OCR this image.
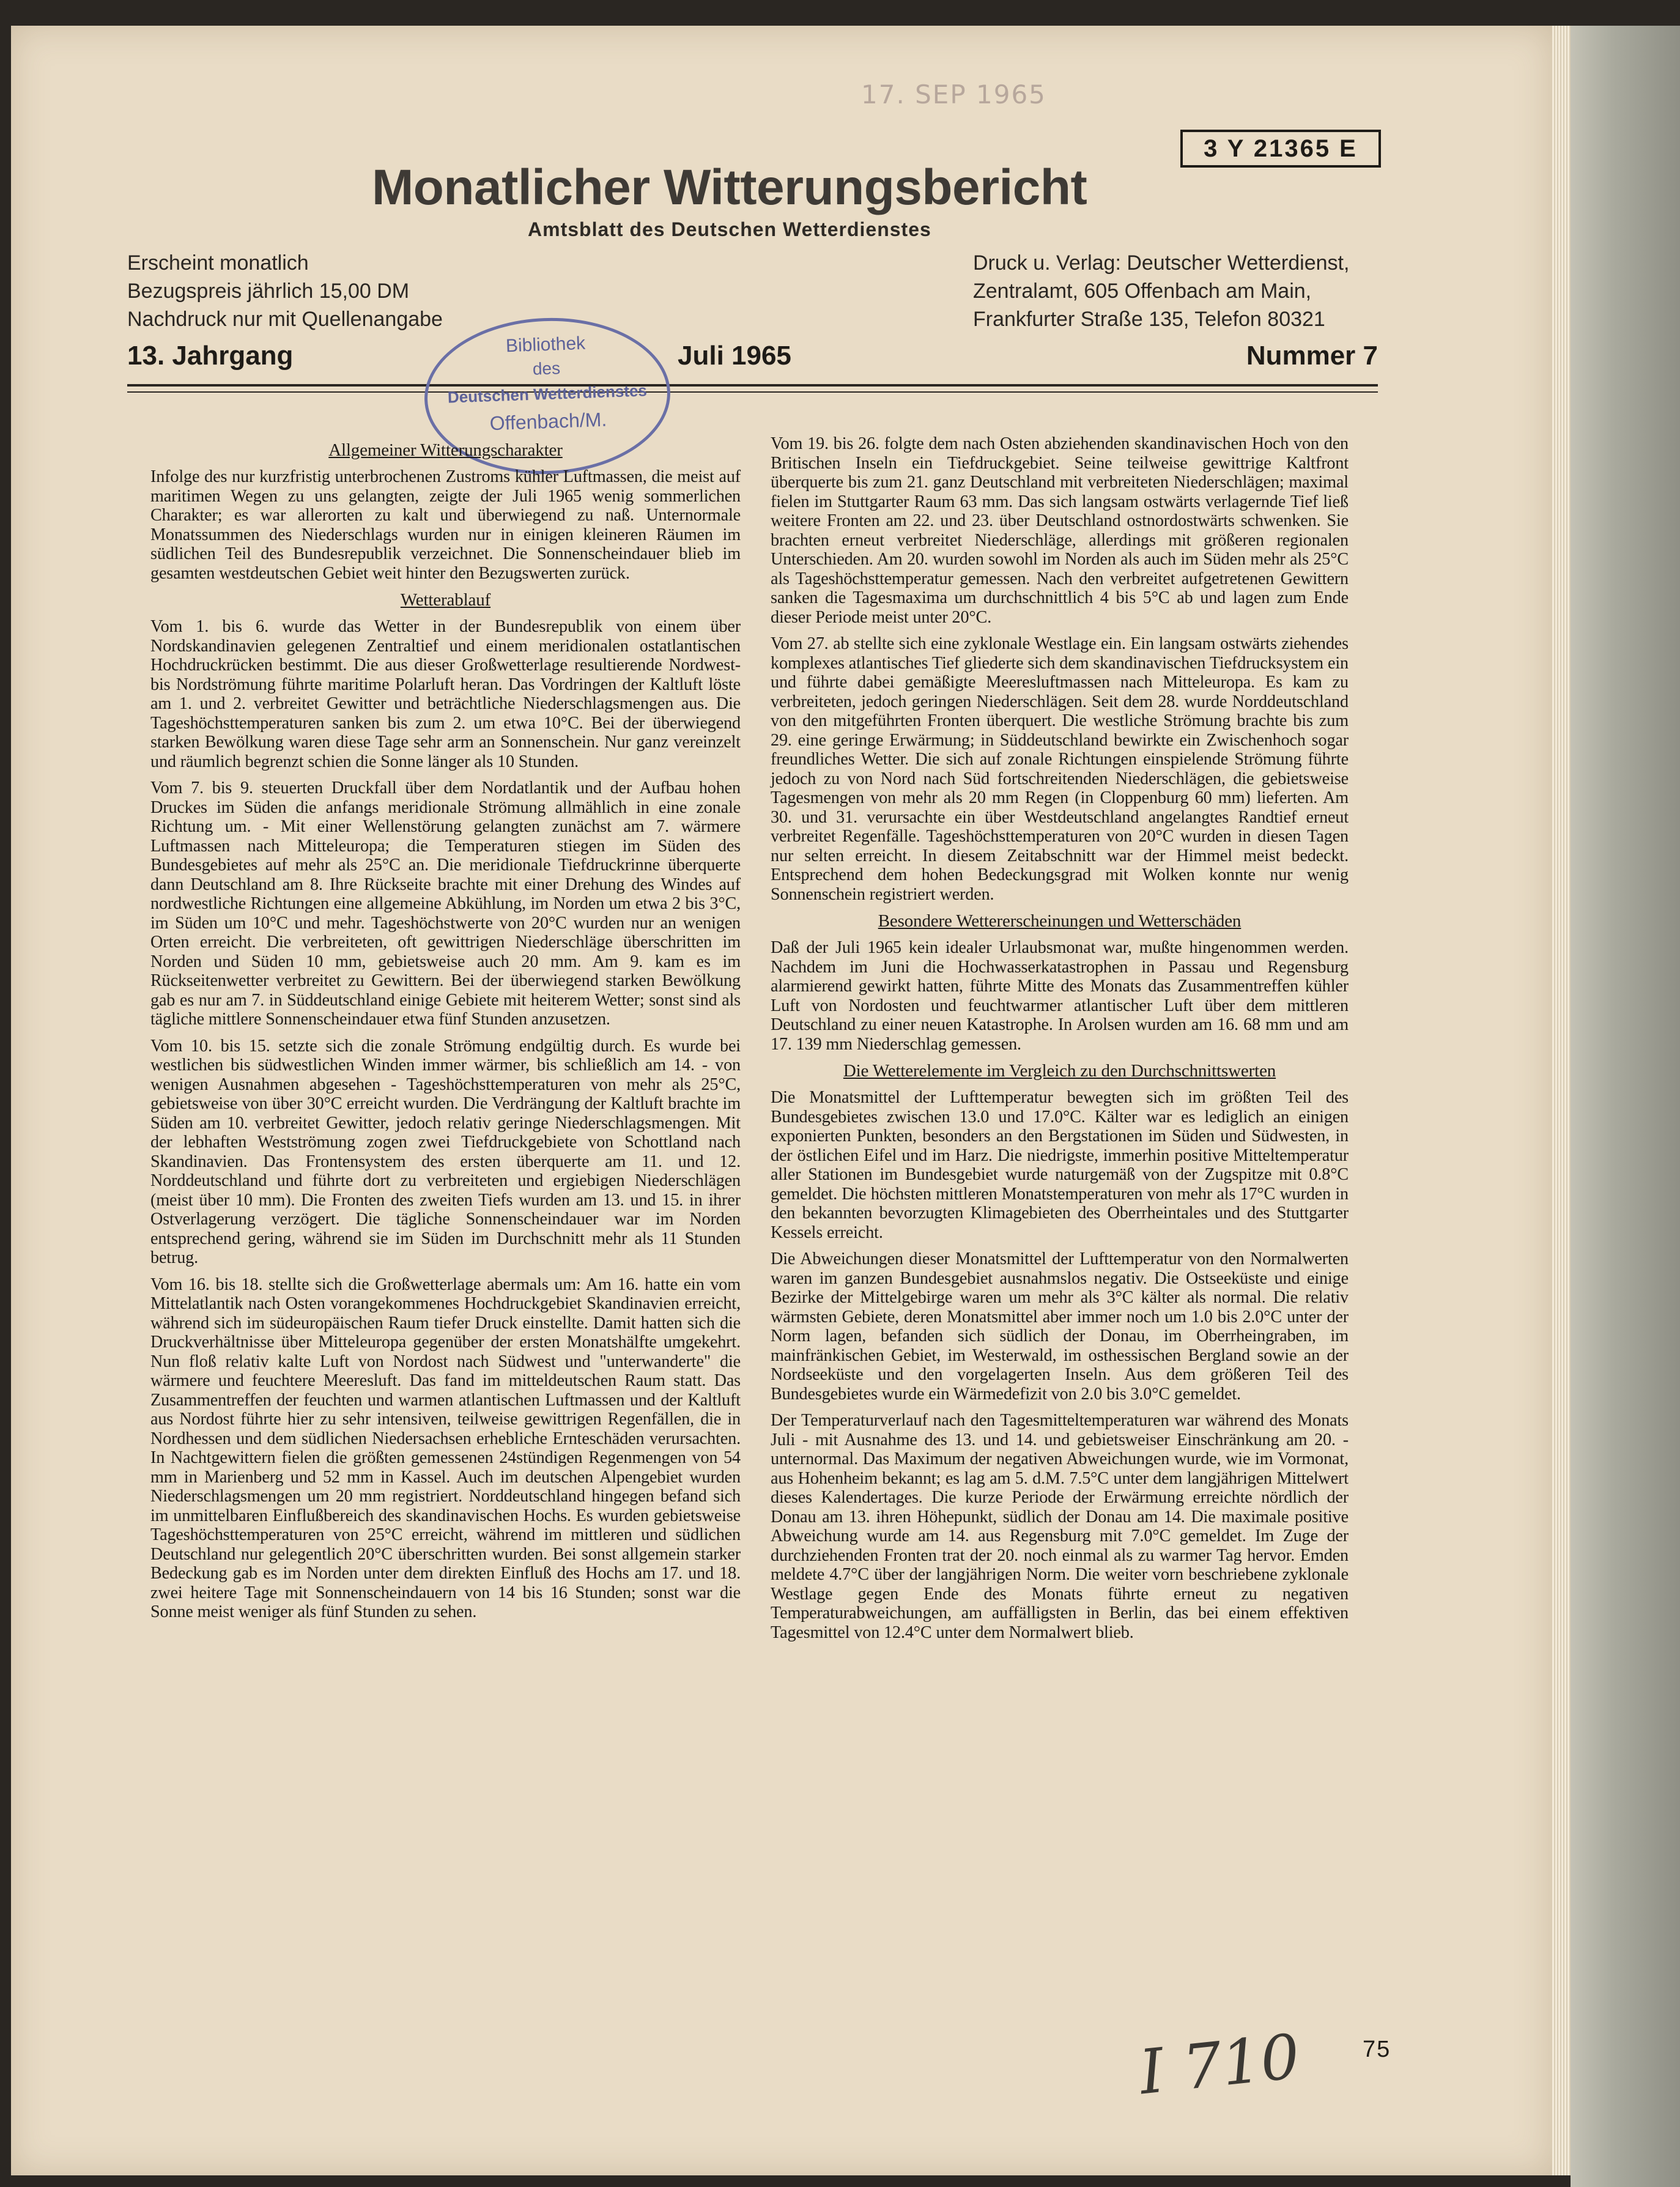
17. SEP 1965
3 Y 21365 E
Monatlicher Witterungsbericht
Amtsblatt des Deutschen Wetterdienstes
Erscheint monatlich
Bezugspreis jährlich 15,00 DM
Nachdruck nur mit Quellenangabe
Druck u. Verlag: Deutscher Wetterdienst,
Zentralamt, 605 Offenbach am Main,
Frankfurter Straße 135, Telefon 80321
13. Jahrgang	Juli 1965	Nummer 7
Bibliothek
des
Deutschen Wetterdienstes
Offenbach/M.
Allgemeiner Witterungscharakter

Infolge des nur kurzfristig unterbrochenen Zustroms kühler Luftmassen, die meist auf maritimen Wegen zu uns gelangten, zeigte der Juli 1965 wenig sommerlichen Charakter; es war allerorten zu kalt und überwiegend zu naß. Unternormale Monatssummen des Niederschlags wurden nur in einigen kleineren Räumen im südlichen Teil des Bundesrepublik verzeichnet. Die Sonnenscheindauer blieb im gesamten westdeutschen Gebiet weit hinter den Bezugswerten zurück.

Wetterablauf

Vom 1. bis 6. wurde das Wetter in der Bundesrepublik von einem über Nordskandinavien gelegenen Zentraltief und einem meridionalen ostatlantischen Hochdruckrücken bestimmt. Die aus dieser Großwetterlage resultierende Nordwest- bis Nordströmung führte maritime Polarluft heran. Das Vordringen der Kaltluft löste am 1. und 2. verbreitet Gewitter und beträchtliche Niederschlagsmengen aus. Die Tageshöchsttemperaturen sanken bis zum 2. um etwa 10°C. Bei der überwiegend starken Bewölkung waren diese Tage sehr arm an Sonnenschein. Nur ganz vereinzelt und räumlich begrenzt schien die Sonne länger als 10 Stunden.

Vom 7. bis 9. steuerten Druckfall über dem Nordatlantik und der Aufbau hohen Druckes im Süden die anfangs meridionale Strömung allmählich in eine zonale Richtung um. - Mit einer Wellenstörung gelangten zunächst am 7. wärmere Luftmassen nach Mitteleuropa; die Temperaturen stiegen im Süden des Bundesgebietes auf mehr als 25°C an. Die meridionale Tiefdruckrinne überquerte dann Deutschland am 8. Ihre Rückseite brachte mit einer Drehung des Windes auf nordwestliche Richtungen eine allgemeine Abkühlung, im Norden um etwa 2 bis 3°C, im Süden um 10°C und mehr. Tageshöchstwerte von 20°C wurden nur an wenigen Orten erreicht. Die verbreiteten, oft gewittrigen Niederschläge überschritten im Norden und Süden 10 mm, gebietsweise auch 20 mm. Am 9. kam es im Rückseitenwetter verbreitet zu Gewittern. Bei der überwiegend starken Bewölkung gab es nur am 7. in Süddeutschland einige Gebiete mit heiterem Wetter; sonst sind als tägliche mittlere Sonnenscheindauer etwa fünf Stunden anzusetzen.

Vom 10. bis 15. setzte sich die zonale Strömung endgültig durch. Es wurde bei westlichen bis südwestlichen Winden immer wärmer, bis schließlich am 14. - von wenigen Ausnahmen abgesehen - Tageshöchsttemperaturen von mehr als 25°C, gebietsweise von über 30°C erreicht wurden. Die Verdrängung der Kaltluft brachte im Süden am 10. verbreitet Gewitter, jedoch relativ geringe Niederschlagsmengen. Mit der lebhaften Westströmung zogen zwei Tiefdruckgebiete von Schottland nach Skandinavien. Das Frontensystem des ersten überquerte am 11. und 12. Norddeutschland und führte dort zu verbreiteten und ergiebigen Niederschlägen (meist über 10 mm). Die Fronten des zweiten Tiefs wurden am 13. und 15. in ihrer Ostverlagerung verzögert. Die tägliche Sonnenscheindauer war im Norden entsprechend gering, während sie im Süden im Durchschnitt mehr als 11 Stunden betrug.

Vom 16. bis 18. stellte sich die Großwetterlage abermals um: Am 16. hatte ein vom Mittelatlantik nach Osten vorangekommenes Hochdruckgebiet Skandinavien erreicht, während sich im südeuropäischen Raum tiefer Druck einstellte. Damit hatten sich die Druckverhältnisse über Mitteleuropa gegenüber der ersten Monatshälfte umgekehrt. Nun floß relativ kalte Luft von Nordost nach Südwest und "unterwanderte" die wärmere und feuchtere Meeresluft. Das fand im mitteldeutschen Raum statt. Das Zusammentreffen der feuchten und warmen atlantischen Luftmassen und der Kaltluft aus Nordost führte hier zu sehr intensiven, teilweise gewittrigen Regenfällen, die in Nordhessen und dem südlichen Niedersachsen erhebliche Ernteschäden verursachten. In Nachtgewittern fielen die größten gemessenen 24stündigen Regenmengen von 54 mm in Marienberg und 52 mm in Kassel. Auch im deutschen Alpengebiet wurden Niederschlagsmengen um 20 mm registriert. Norddeutschland hingegen befand sich im unmittelbaren Einflußbereich des skandinavischen Hochs. Es wurden gebietsweise Tageshöchsttemperaturen von 25°C erreicht, während im mittleren und südlichen Deutschland nur gelegentlich 20°C überschritten wurden. Bei sonst allgemein starker Bedeckung gab es im Norden unter dem direkten Einfluß des Hochs am 17. und 18. zwei heitere Tage mit Sonnenscheindauern von 14 bis 16 Stunden; sonst war die Sonne meist weniger als fünf Stunden zu sehen.

Vom 19. bis 26. folgte dem nach Osten abziehenden skandinavischen Hoch von den Britischen Inseln ein Tiefdruckgebiet. Seine teilweise gewittrige Kaltfront überquerte bis zum 21. ganz Deutschland mit verbreiteten Niederschlägen; maximal fielen im Stuttgarter Raum 63 mm. Das sich langsam ostwärts verlagernde Tief ließ weitere Fronten am 22. und 23. über Deutschland ostnordostwärts schwenken. Sie brachten erneut verbreitet Niederschläge, allerdings mit größeren regionalen Unterschieden. Am 20. wurden sowohl im Norden als auch im Süden mehr als 25°C als Tageshöchsttemperatur gemessen. Nach den verbreitet aufgetretenen Gewittern sanken die Tagesmaxima um durchschnittlich 4 bis 5°C ab und lagen zum Ende dieser Periode meist unter 20°C.

Vom 27. ab stellte sich eine zyklonale Westlage ein. Ein langsam ostwärts ziehendes komplexes atlantisches Tief gliederte sich dem skandinavischen Tiefdrucksystem ein und führte dabei gemäßigte Meeresluftmassen nach Mitteleuropa. Es kam zu verbreiteten, jedoch geringen Niederschlägen. Seit dem 28. wurde Norddeutschland von den mitgeführten Fronten überquert. Die westliche Strömung brachte bis zum 29. eine geringe Erwärmung; in Süddeutschland bewirkte ein Zwischenhoch sogar freundliches Wetter. Die sich auf zonale Richtungen einspielende Strömung führte jedoch zu von Nord nach Süd fortschreitenden Niederschlägen, die gebietsweise Tagesmengen von mehr als 20 mm Regen (in Cloppenburg 60 mm) lieferten. Am 30. und 31. verursachte ein über Westdeutschland angelangtes Randtief erneut verbreitet Regenfälle. Tageshöchsttemperaturen von 20°C wurden in diesen Tagen nur selten erreicht. In diesem Zeitabschnitt war der Himmel meist bedeckt. Entsprechend dem hohen Bedeckungsgrad mit Wolken konnte nur wenig Sonnenschein registriert werden.

Besondere Wettererscheinungen und Wetterschäden

Daß der Juli 1965 kein idealer Urlaubsmonat war, mußte hingenommen werden. Nachdem im Juni die Hochwasserkatastrophen in Passau und Regensburg alarmierend gewirkt hatten, führte Mitte des Monats das Zusammentreffen kühler Luft von Nordosten und feuchtwarmer atlantischer Luft über dem mittleren Deutschland zu einer neuen Katastrophe. In Arolsen wurden am 16. 68 mm und am 17. 139 mm Niederschlag gemessen.

Die Wetterelemente im Vergleich zu den Durchschnittswerten

Die Monatsmittel der Lufttemperatur bewegten sich im größten Teil des Bundesgebietes zwischen 13.0 und 17.0°C. Kälter war es lediglich an einigen exponierten Punkten, besonders an den Bergstationen im Süden und Südwesten, in der östlichen Eifel und im Harz. Die niedrigste, immerhin positive Mitteltemperatur aller Stationen im Bundesgebiet wurde naturgemäß von der Zugspitze mit 0.8°C gemeldet. Die höchsten mittleren Monatstemperaturen von mehr als 17°C wurden in den bekannten bevorzugten Klimagebieten des Oberrheintales und des Stuttgarter Kessels erreicht.

Die Abweichungen dieser Monatsmittel der Lufttemperatur von den Normalwerten waren im ganzen Bundesgebiet ausnahmslos negativ. Die Ostseeküste und einige Bezirke der Mittelgebirge waren um mehr als 3°C kälter als normal. Die relativ wärmsten Gebiete, deren Monatsmittel aber immer noch um 1.0 bis 2.0°C unter der Norm lagen, befanden sich südlich der Donau, im Oberrheingraben, im mainfränkischen Gebiet, im Westerwald, im osthessischen Bergland sowie an der Nordseeküste und den vorgelagerten Inseln. Aus dem größeren Teil des Bundesgebietes wurde ein Wärmedefizit von 2.0 bis 3.0°C gemeldet.

Der Temperaturverlauf nach den Tagesmitteltemperaturen war während des Monats Juli - mit Ausnahme des 13. und 14. und gebietsweiser Einschränkung am 20. - unternormal. Das Maximum der negativen Abweichungen wurde, wie im Vormonat, aus Hohenheim bekannt; es lag am 5. d.M. 7.5°C unter dem langjährigen Mittelwert dieses Kalendertages. Die kurze Periode der Erwärmung erreichte nördlich der Donau am 13. ihren Höhepunkt, südlich der Donau am 14. Die maximale positive Abweichung wurde am 14. aus Regensburg mit 7.0°C gemeldet. Im Zuge der durchziehenden Fronten trat der 20. noch einmal als zu warmer Tag hervor. Emden meldete 4.7°C über der langjährigen Norm. Die weiter vorn beschriebene zyklonale Westlage gegen Ende des Monats führte erneut zu negativen Temperaturabweichungen, am auffälligsten in Berlin, das bei einem effektiven Tagesmittel von 12.4°C unter dem Normalwert blieb.

I 710	75
